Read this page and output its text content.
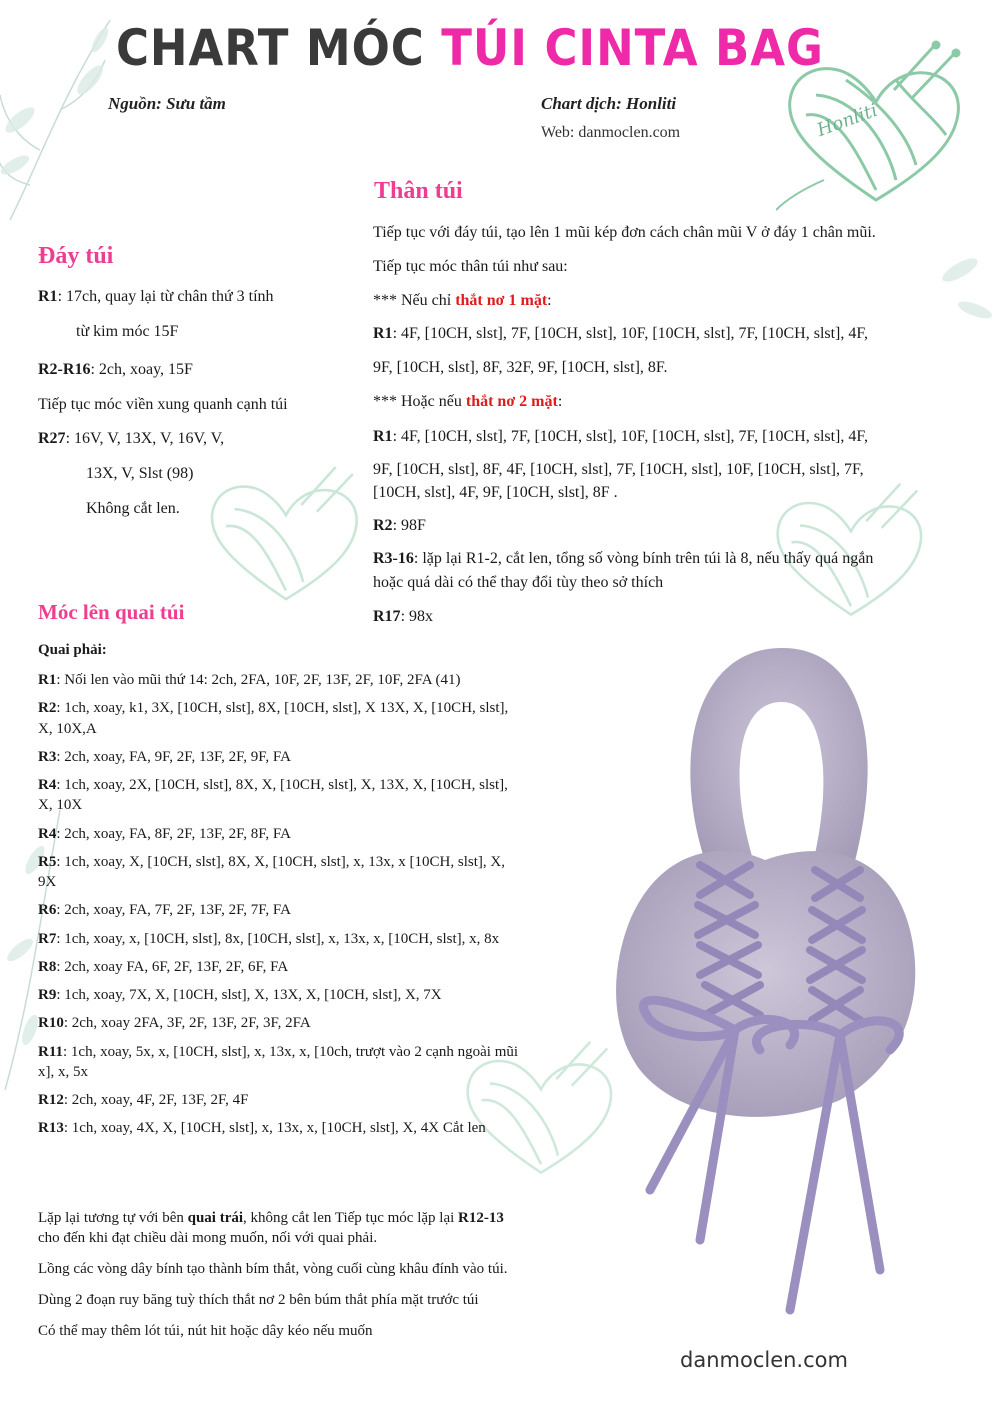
CHART MÓC TÚI CINTA BAG
Nguồn: Sưu tầm	Chart dịch: Honliti
Web: danmoclen.com	Honliti
Đáy túi
R1: 17ch, quay lại từ chân thứ 3 tính
từ kim móc 15F
R2-R16: 2ch, xoay, 15F
Tiếp tục móc viền xung quanh cạnh túi
R27: 16V, V, 13X, V, 16V, V,
13X, V, Slst (98)
Không cắt len.
Thân túi
Tiếp tục với đáy túi, tạo lên 1 mũi kép đơn cách chân mũi V ở đáy 1 chân mũi.
Tiếp tục móc thân túi như sau:
*** Nếu chỉ thắt nơ 1 mặt:
R1: 4F, [10CH, slst], 7F, [10CH, slst], 10F, [10CH, slst], 7F, [10CH, slst], 4F,
9F, [10CH, slst], 8F, 32F, 9F, [10CH, slst], 8F.
*** Hoặc nếu thắt nơ 2 mặt:
R1: 4F, [10CH, slst], 7F, [10CH, slst], 10F, [10CH, slst], 7F, [10CH, slst], 4F,
9F, [10CH, slst], 8F, 4F, [10CH, slst], 7F, [10CH, slst], 10F, [10CH, slst], 7F,
[10CH, slst], 4F, 9F, [10CH, slst], 8F .
R2: 98F
R3-16: lặp lại R1-2, cắt len, tổng số vòng bính trên túi là 8, nếu thấy quá ngắn
hoặc quá dài có thể thay đổi tùy theo sở thích
R17: 98x
Móc lên quai túi
Quai phải:
R1: Nối len vào mũi thứ 14: 2ch, 2FA, 10F, 2F, 13F, 2F, 10F, 2FA (41)
R2: 1ch, xoay, k1, 3X, [10CH, slst], 8X, [10CH, slst], X 13X, X, [10CH, slst],
X, 10X,A
R3: 2ch, xoay, FA, 9F, 2F, 13F, 2F, 9F, FA
R4: 1ch, xoay, 2X, [10CH, slst], 8X, X, [10CH, slst], X, 13X, X, [10CH, slst],
X, 10X
R4: 2ch, xoay, FA, 8F, 2F, 13F, 2F, 8F, FA
R5: 1ch, xoay, X, [10CH, slst], 8X, X, [10CH, slst], x, 13x, x [10CH, slst], X,
9X
R6: 2ch, xoay, FA, 7F, 2F, 13F, 2F, 7F, FA
R7: 1ch, xoay, x, [10CH, slst], 8x, [10CH, slst], x, 13x, x, [10CH, slst], x, 8x
R8: 2ch, xoay FA, 6F, 2F, 13F, 2F, 6F, FA
R9: 1ch, xoay, 7X, X, [10CH, slst], X, 13X, X, [10CH, slst], X, 7X
R10: 2ch, xoay 2FA, 3F, 2F, 13F, 2F, 3F, 2FA
R11: 1ch, xoay, 5x, x, [10CH, slst], x, 13x, x, [10ch, trượt vào 2 cạnh ngoài mũi
x], x, 5x
R12: 2ch, xoay, 4F, 2F, 13F, 2F, 4F
R13: 1ch, xoay, 4X, X, [10CH, slst], x, 13x, x, [10CH, slst], X, 4X Cắt len
Lặp lại tương tự với bên quai trái, không cắt len Tiếp tục móc lặp lại R12-13
cho đến khi đạt chiều dài mong muốn, nối với quai phải.
Lồng các vòng dây bính tạo thành bím thắt, vòng cuối cùng khâu đính vào túi.
Dùng 2 đoạn ruy băng tuỳ thích thắt nơ 2 bên búm thắt phía mặt trước túi
Có thể may thêm lót túi, nút hit hoặc dây kéo nếu muốn
danmoclen.com
